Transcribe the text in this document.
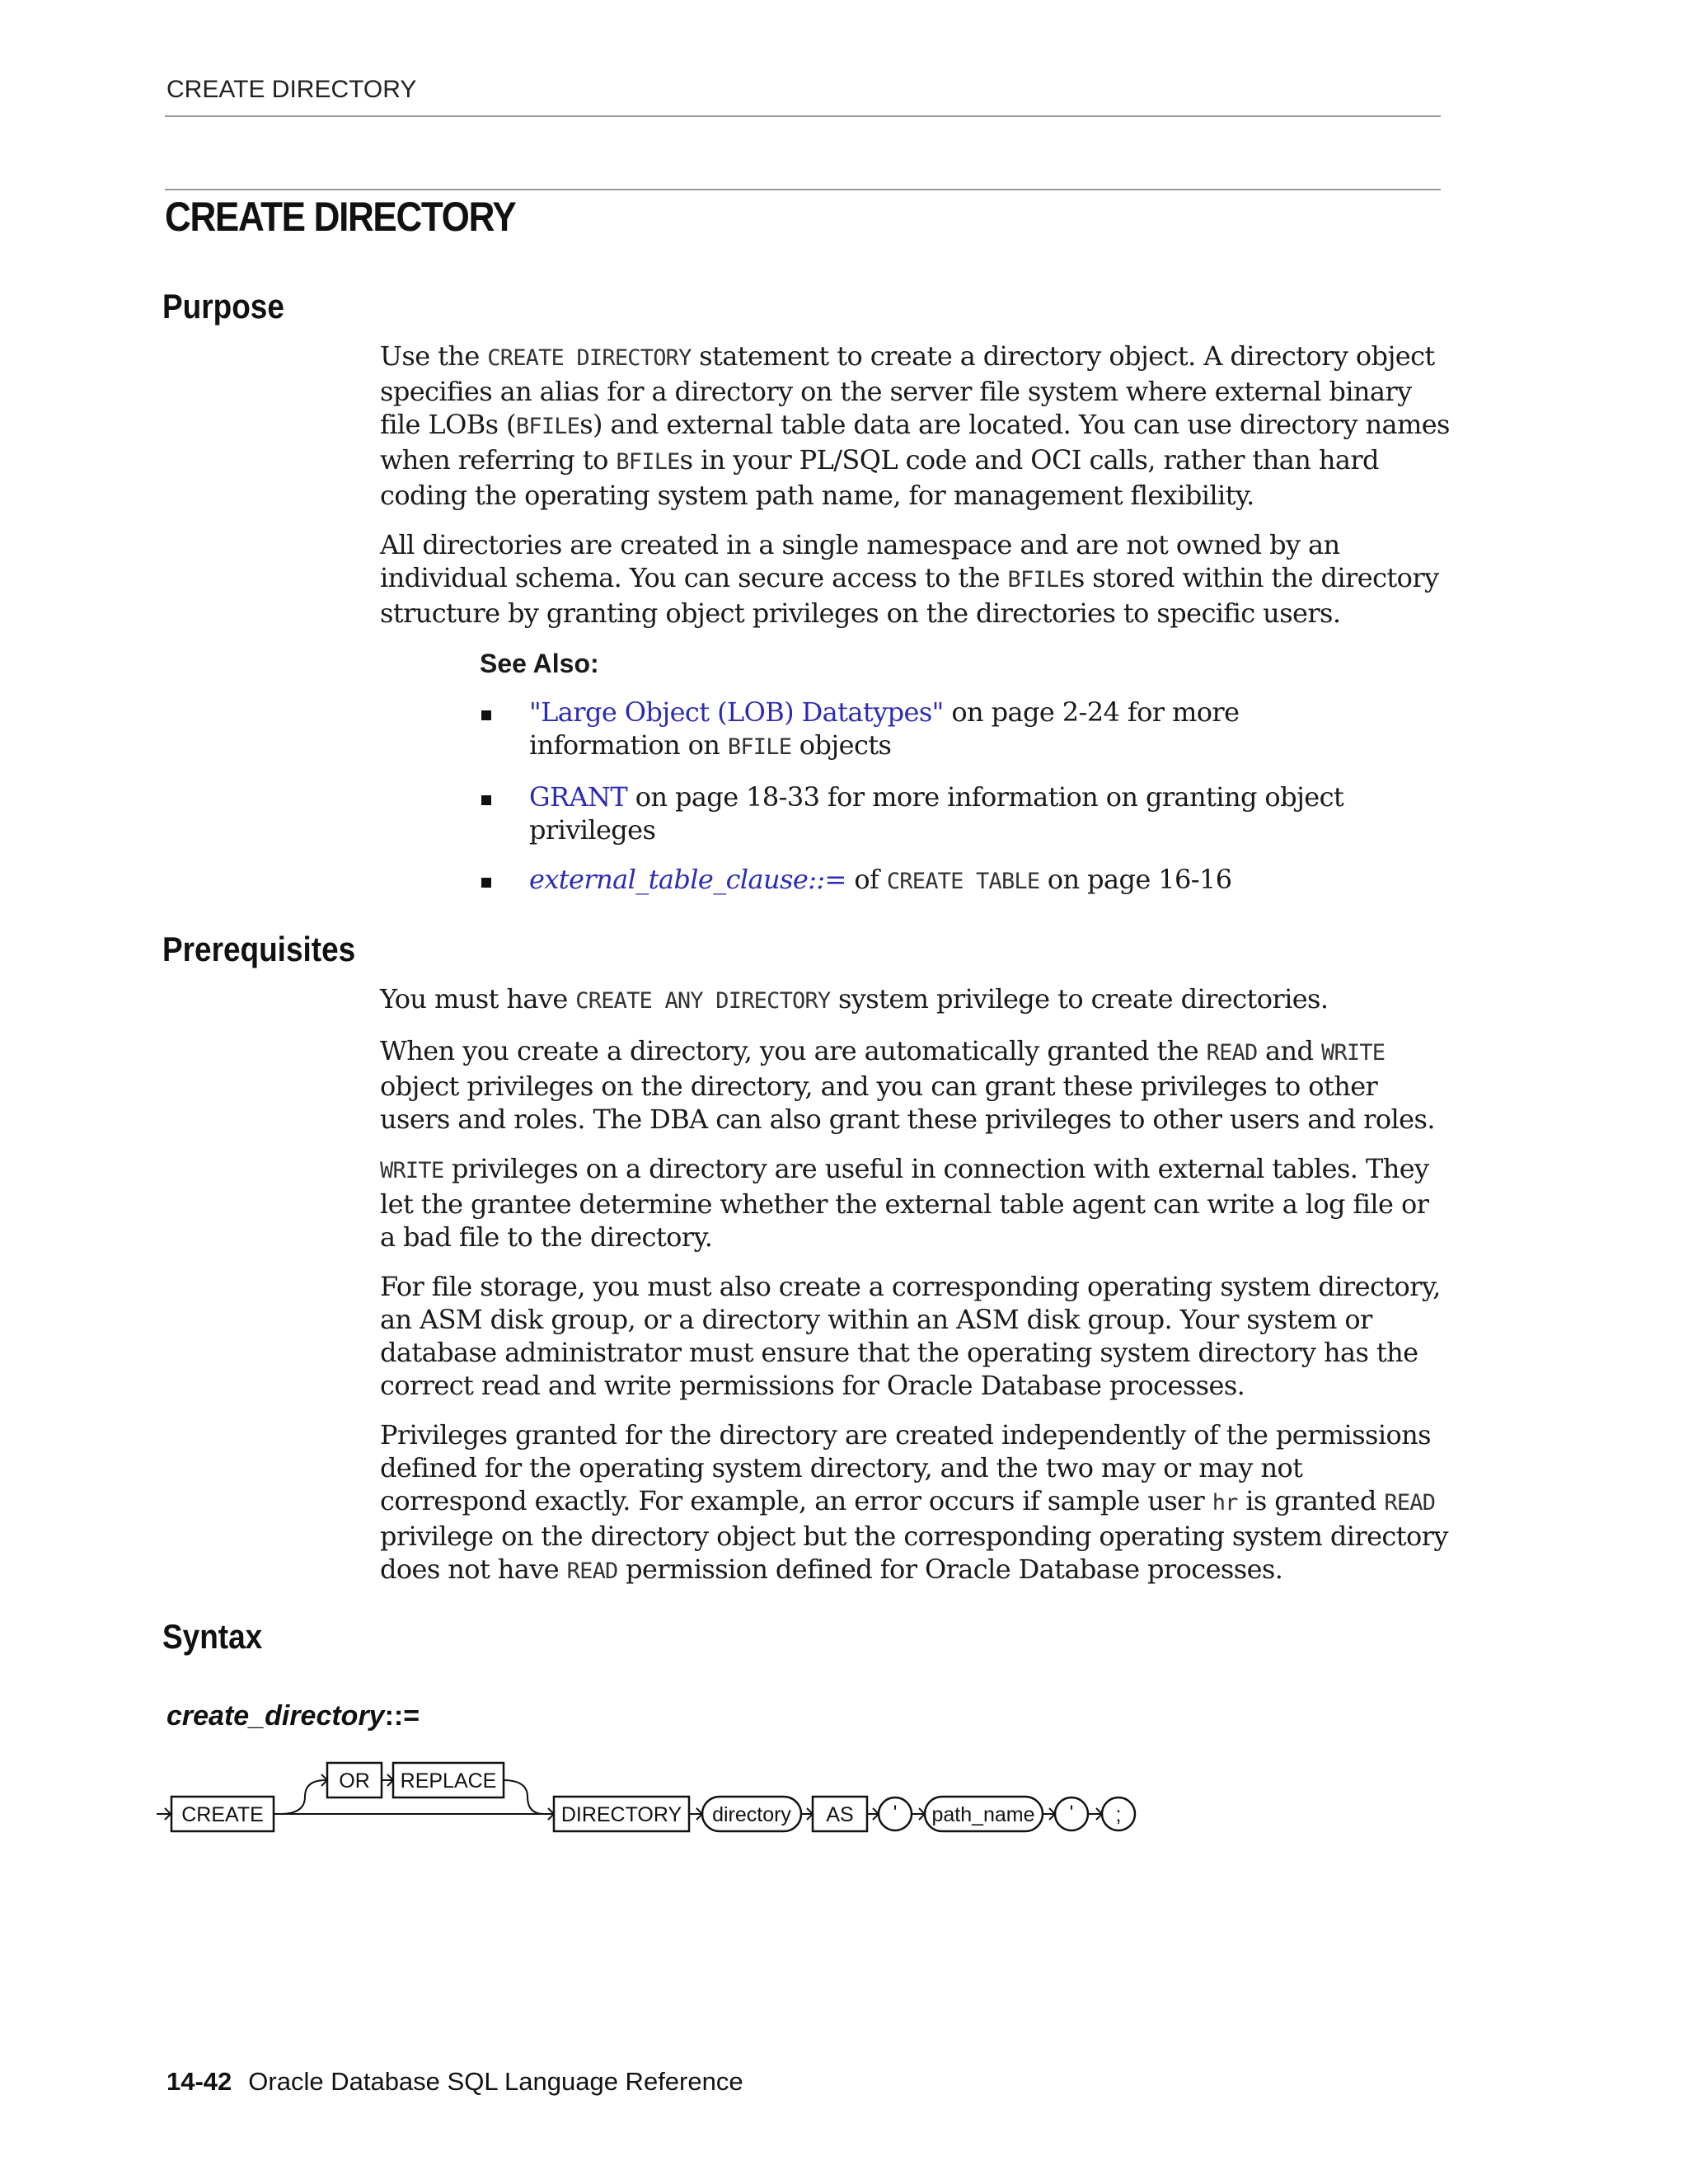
CREATE DIRECTORY
CREATE DIRECTORY
Purpose

Use the CREATE DIRECTORY statement to create a directory object. A directory object specifies an alias for a directory on the server file system where external binary file LOBs (BFILEs) and external table data are located. You can use directory names when referring to BFILEs in your PL/SQL code and OCI calls, rather than hard coding the operating system path name, for management flexibility.

All directories are created in a single namespace and are not owned by an individual schema. You can secure access to the BFILEs stored within the directory structure by granting object privileges on the directories to specific users.

See Also:
"Large Object (LOB) Datatypes" on page 2-24 for more information on BFILE objects
GRANT on page 18-33 for more information on granting object privileges
external_table_clause::= of CREATE TABLE on page 16-16
Prerequisites

You must have CREATE ANY DIRECTORY system privilege to create directories.

When you create a directory, you are automatically granted the READ and WRITE object privileges on the directory, and you can grant these privileges to other users and roles. The DBA can also grant these privileges to other users and roles.

WRITE privileges on a directory are useful in connection with external tables. They let the grantee determine whether the external table agent can write a log file or a bad file to the directory.

For file storage, you must also create a corresponding operating system directory, an ASM disk group, or a directory within an ASM disk group. Your system or database administrator must ensure that the operating system directory has the correct read and write permissions for Oracle Database processes.

Privileges granted for the directory are created independently of the permissions defined for the operating system directory, and the two may or may not correspond exactly. For example, an error occurs if sample user hr is granted READ privilege on the directory object but the corresponding operating system directory does not have READ permission defined for Oracle Database processes.

Syntax
create_directory::=
CREATE
OR REPLACE
DIRECTORY directory AS ' path_name ' ;
14-42 Oracle Database SQL Language Reference
